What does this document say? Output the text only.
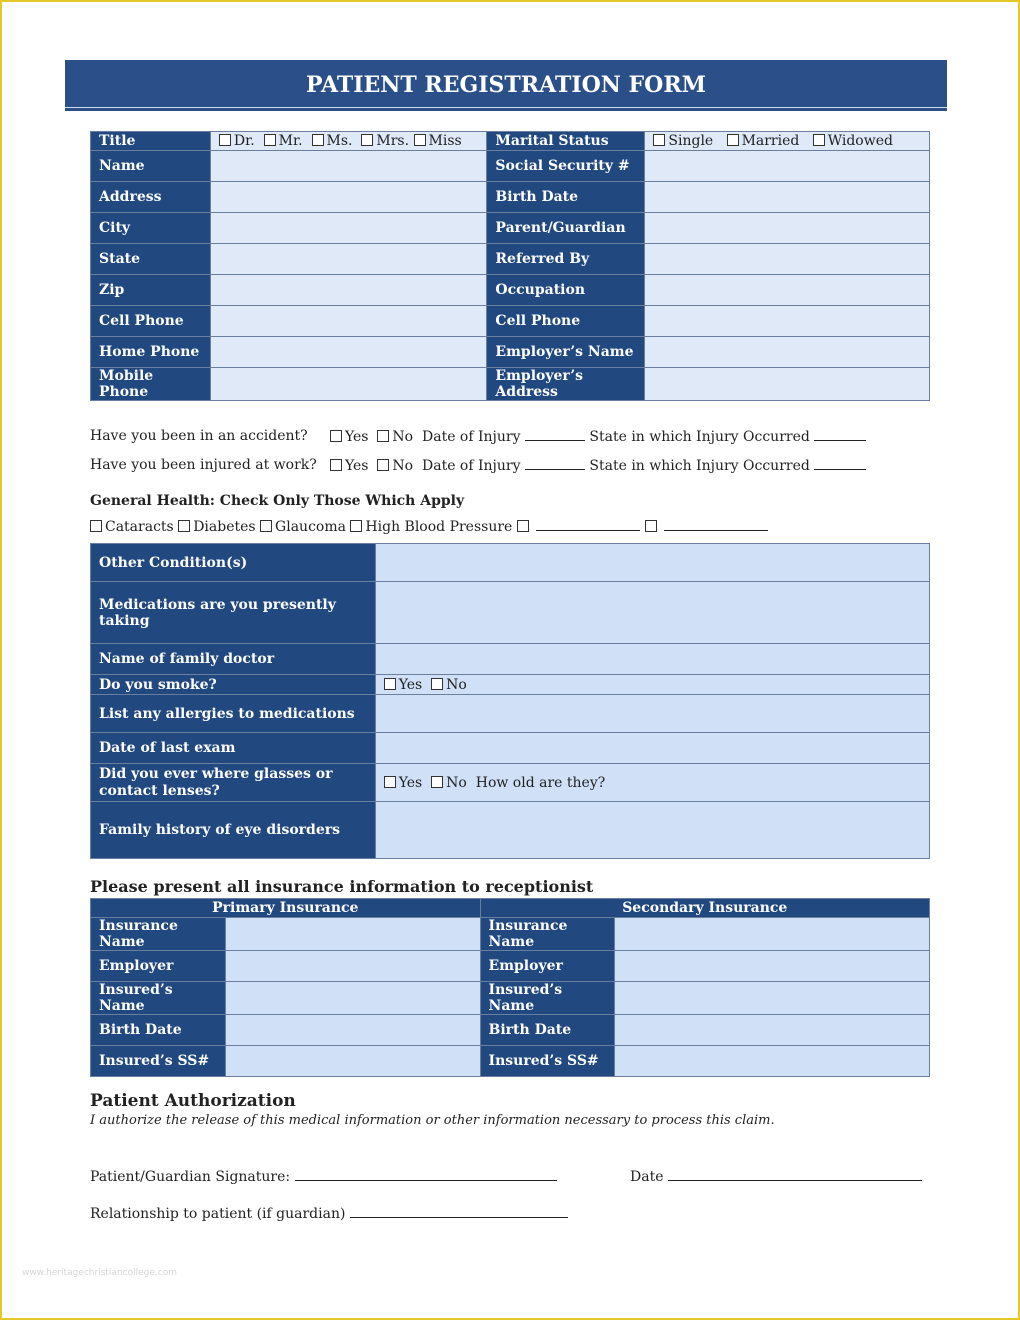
PATIENT REGISTRATION FORM
Title	Dr. Mr. Ms. Mrs. Miss	Marital Status	Single Married Widowed
Name		Social Security #	
Address		Birth Date	
City		Parent/Guardian	
State		Referred By	
Zip		Occupation	
Cell Phone		Cell Phone	
Home Phone		Employer’s Name	
Mobile Phone		Employer’s Address	
Have you been in an accident?	Yes No Date of Injury	State in which Injury Occurred
Have you been injured at work?	Yes No Date of Injury	State in which Injury Occurred
General Health: Check Only Those Which Apply
Cataracts Diabetes Glaucoma High Blood Pressure
Other Condition(s)	
Medications are you presently taking	
Name of family doctor	
Do you smoke?	Yes No
List any allergies to medications	
Date of last exam	
Did you ever where glasses or contact lenses?	Yes No How old are they?
Family history of eye disorders	
Please present all insurance information to receptionist
Primary Insurance		Secondary Insurance	
Insurance Name		Insurance Name	
Employer		Employer	
Insured’s Name		Insured’s Name	
Birth Date		Birth Date	
Insured’s SS#		Insured’s SS#	
Patient Authorization
I authorize the release of this medical information or other information necessary to process this claim.
Patient/Guardian Signature:	Date
Relationship to patient (if guardian)
www.heritagechristiancollege.com
